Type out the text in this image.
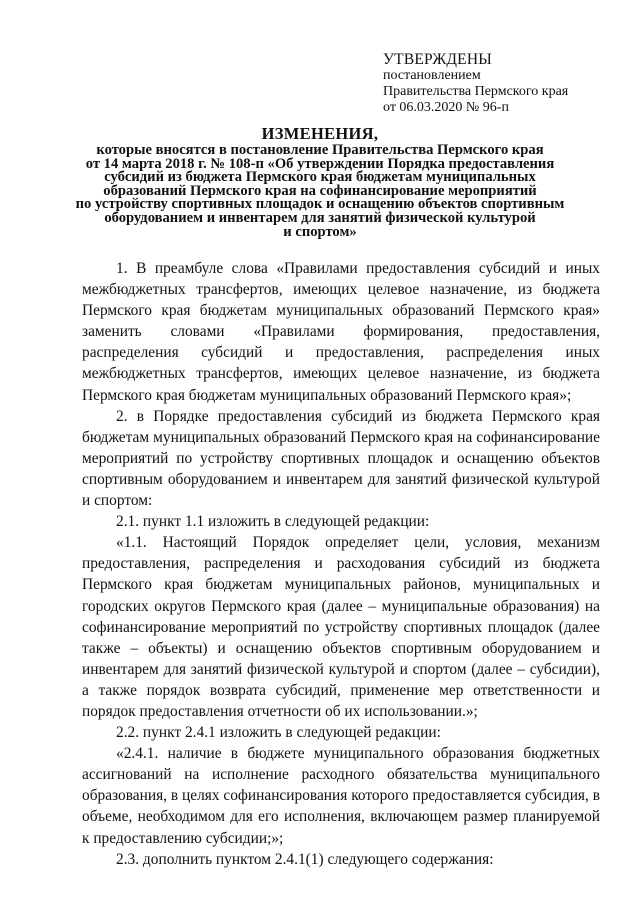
УТВЕРЖДЕНЫ
постановлением
Правительства Пермского края
от 06.03.2020 № 96-п
ИЗМЕНЕНИЯ,
которые вносятся в постановление Правительства Пермского края
от 14 марта 2018 г. № 108-п «Об утверждении Порядка предоставления
субсидий из бюджета Пермского края бюджетам муниципальных
образований Пермского края на софинансирование мероприятий
по устройству спортивных площадок и оснащению объектов спортивным
оборудованием и инвентарем для занятий физической культурой
и спортом»

1. В преамбуле слова «Правилами предоставления субсидий и иных межбюджетных трансфертов, имеющих целевое назначение, из бюджета Пермского края бюджетам муниципальных образований Пермского края» заменить словами «Правилами формирования, предоставления, распределения субсидий и предоставления, распределения иных межбюджетных трансфертов, имеющих целевое назначение, из бюджета Пермского края бюджетам муниципальных образований Пермского края»;

2. в Порядке предоставления субсидий из бюджета Пермского края бюджетам муниципальных образований Пермского края на софинансирование мероприятий по устройству спортивных площадок и оснащению объектов спортивным оборудованием и инвентарем для занятий физической культурой и спортом:

2.1. пункт 1.1 изложить в следующей редакции:

«1.1. Настоящий Порядок определяет цели, условия, механизм предоставления, распределения и расходования субсидий из бюджета Пермского края бюджетам муниципальных районов, муниципальных и городских округов Пермского края (далее – муниципальные образования) на софинансирование мероприятий по устройству спортивных площадок (далее также – объекты) и оснащению объектов спортивным оборудованием и инвентарем для занятий физической культурой и спортом (далее – субсидии), а также порядок возврата субсидий, применение мер ответственности и порядок предоставления отчетности об их использовании.»;

2.2. пункт 2.4.1 изложить в следующей редакции:

«2.4.1. наличие в бюджете муниципального образования бюджетных ассигнований на исполнение расходного обязательства муниципального образования, в целях софинансирования которого предоставляется субсидия, в объеме, необходимом для его исполнения, включающем размер планируемой к предоставлению субсидии;»;

2.3. дополнить пунктом 2.4.1(1) следующего содержания:
